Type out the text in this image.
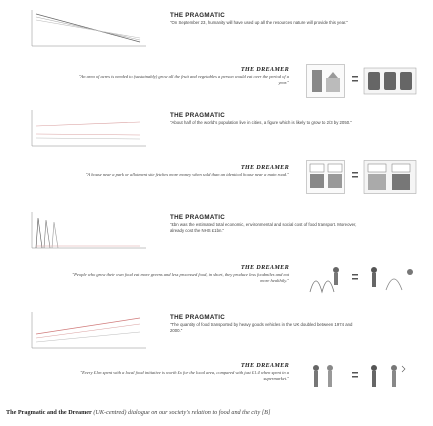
THE PRAGMATIC
"On September 23, humanity will have used up all the resources nature will provide this year."
THE DREAMER
"An area of acres is needed to (sustainably) grow all the fruit and vegetables a person would eat over the period of a year."
THE PRAGMATIC
"About half of the world's population live in cities, a figure which is likely to grow to 2/3 by 2050."
THE DREAMER
"A house near a park or allotment site fetches more money when sold than an identical house near a main road."
THE PRAGMATIC
"£bn was the estimated total economic, environmental and social cost of food transport. Moreover, already cost the NHS £1bn."
THE DREAMER
"People who grow their own food eat more greens and less processed food, in short, they produce less foodmiles and eat more healthily."
THE PRAGMATIC
"The quantity of food transported by heavy goods vehicles in the UK doubled between 1974 and 2000."
THE DREAMER
"Every £1m spent with a local food initiative is worth £x for the local area, compared with just £1.4 when spent in a supermarket."
The Pragmatic and the Dreamer (UK-centred) dialogue on our society's relation to food and the city [B]
